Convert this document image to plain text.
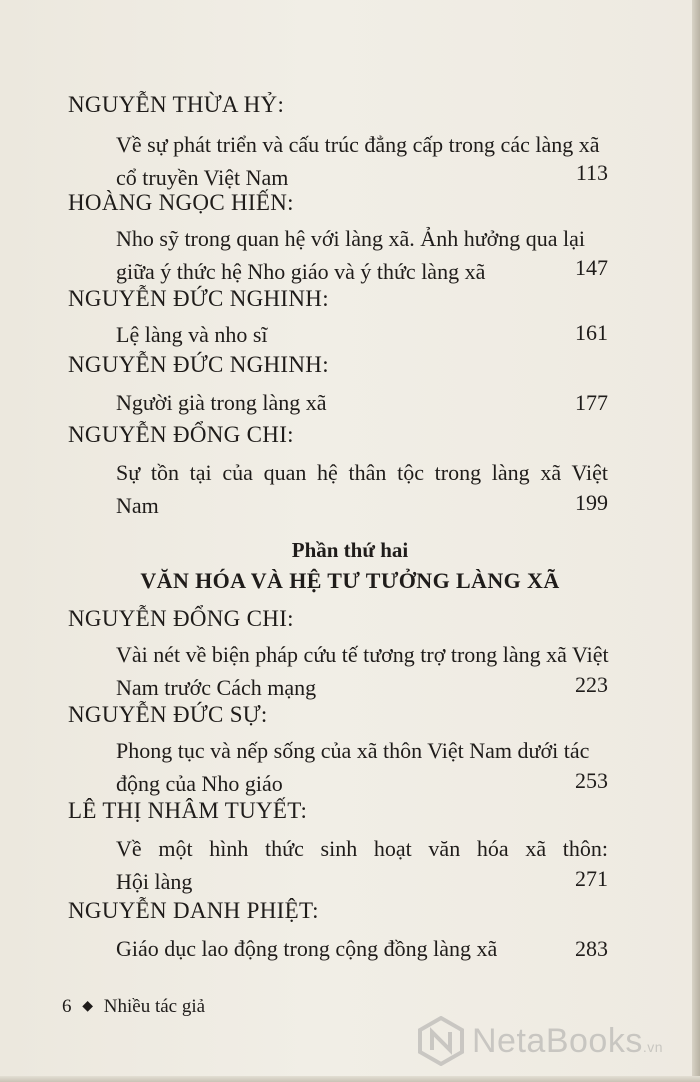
NGUYỄN THỪA HỶ:
Về sự phát triển và cấu trúc đẳng cấp trong các làng xã
cổ truyền Việt Nam	113
HOÀNG NGỌC HIẾN:
Nho sỹ trong quan hệ với làng xã. Ảnh hưởng qua lại
giữa ý thức hệ Nho giáo và ý thức làng xã	147
NGUYỄN ĐỨC NGHINH:
Lệ làng và nho sĩ	161
NGUYỄN ĐỨC NGHINH:
Người già trong làng xã	177
NGUYỄN ĐỔNG CHI:
Sự tồn tại của quan hệ thân tộc trong làng xã Việt
Nam	199
Phần thứ hai
VĂN HÓA VÀ HỆ TƯ TƯỞNG LÀNG XÃ
NGUYỄN ĐỔNG CHI:
Vài nét về biện pháp cứu tế tương trợ trong làng xã Việt
Nam trước Cách mạng	223
NGUYỄN ĐỨC SỰ:
Phong tục và nếp sống của xã thôn Việt Nam dưới tác
động của Nho giáo	253
LÊ THỊ NHÂM TUYẾT:
Về một hình thức sinh hoạt văn hóa xã thôn:
Hội làng	271
NGUYỄN DANH PHIỆT:
Giáo dục lao động trong cộng đồng làng xã	283
6 ◆ Nhiều tác giả
NetaBooks.vn
